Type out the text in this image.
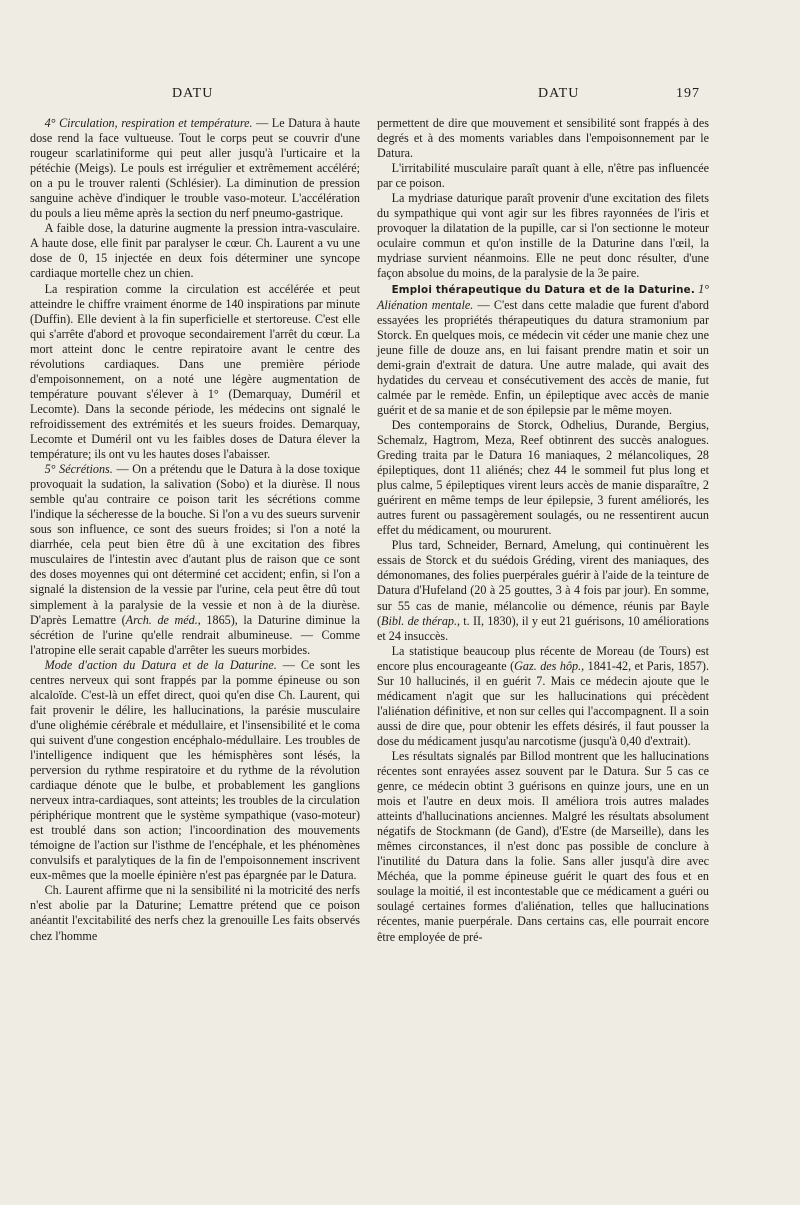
DATU	DATU	197

4° Circulation, respiration et température. — Le Datura à haute dose rend la face vultueuse. Tout le corps peut se couvrir d'une rougeur scarlatiniforme qui peut aller jusqu'à l'urticaire et la pétéchie (Meigs). Le pouls est irrégulier et extrêmement accéléré; on a pu le trouver ralenti (Schlésier). La diminution de pression sanguine achève d'indiquer le trouble vaso-moteur. L'accélération du pouls a lieu même après la section du nerf pneumo-gastrique.

A faible dose, la daturine augmente la pression intra-vasculaire. A haute dose, elle finit par paralyser le cœur. Ch. Laurent a vu une dose de 0, 15 injectée en deux fois déterminer une syncope cardiaque mortelle chez un chien.

La respiration comme la circulation est accélérée et peut atteindre le chiffre vraiment énorme de 140 inspirations par minute (Duffin). Elle devient à la fin superficielle et stertoreuse. C'est elle qui s'arrête d'abord et provoque secondairement l'arrêt du cœur. La mort atteint donc le centre repiratoire avant le centre des révolutions cardiaques. Dans une première période d'empoisonnement, on a noté une légère augmentation de température pouvant s'élever à 1° (Demarquay, Duméril et Lecomte). Dans la seconde période, les médecins ont signalé le refroidissement des extrémités et les sueurs froides. Demarquay, Lecomte et Duméril ont vu les faibles doses de Datura élever la température; ils ont vu les hautes doses l'abaisser.

5° Sécrétions. — On a prétendu que le Datura à la dose toxique provoquait la sudation, la salivation (Sobo) et la diurèse. Il nous semble qu'au contraire ce poison tarit les sécrétions comme l'indique la sécheresse de la bouche. Si l'on a vu des sueurs survenir sous son influence, ce sont des sueurs froides; si l'on a noté la diarrhée, cela peut bien être dû à une excitation des fibres musculaires de l'intestin avec d'autant plus de raison que ce sont des doses moyennes qui ont déterminé cet accident; enfin, si l'on a signalé la distension de la vessie par l'urine, cela peut être dû tout simplement à la paralysie de la vessie et non à de la diurèse. D'après Lemattre (Arch. de méd., 1865), la Daturine diminue la sécrétion de l'urine qu'elle rendrait albumineuse. — Comme l'atropine elle serait capable d'arrêter les sueurs morbides.

Mode d'action du Datura et de la Daturine. — Ce sont les centres nerveux qui sont frappés par la pomme épineuse ou son alcaloïde. C'est-là un effet direct, quoi qu'en dise Ch. Laurent, qui fait provenir le délire, les hallucinations, la parésie musculaire d'une olighémie cérébrale et médullaire, et l'insensibilité et le coma qui suivent d'une congestion encéphalo-médullaire. Les troubles de l'intelligence indiquent que les hémisphères sont lésés, la perversion du rythme respiratoire et du rythme de la révolution cardiaque dénote que le bulbe, et probablement les ganglions nerveux intra-cardiaques, sont atteints; les troubles de la circulation périphérique montrent que le système sympathique (vaso-moteur) est troublé dans son action; l'incoordination des mouvements témoigne de l'action sur l'isthme de l'encéphale, et les phénomènes convulsifs et paralytiques de la fin de l'empoisonnement inscrivent eux-mêmes que la moelle épinière n'est pas épargnée par le Datura.

Ch. Laurent affirme que ni la sensibilité ni la motricité des nerfs n'est abolie par la Daturine; Lemattre prétend que ce poison anéantit l'excitabilité des nerfs chez la grenouille Les faits observés chez l'homme

permettent de dire que mouvement et sensibilité sont frappés à des degrés et à des moments variables dans l'empoisonnement par le Datura.

L'irritabilité musculaire paraît quant à elle, n'être pas influencée par ce poison.

La mydriase daturique paraît provenir d'une excitation des filets du sympathique qui vont agir sur les fibres rayonnées de l'iris et provoquer la dilatation de la pupille, car si l'on sectionne le moteur oculaire commun et qu'on instille de la Daturine dans l'œil, la mydriase survient néanmoins. Elle ne peut donc résulter, d'une façon absolue du moins, de la paralysie de la 3e paire.

Emploi thérapeutique du Datura et de la Daturine. 1° Aliénation mentale. — C'est dans cette maladie que furent d'abord essayées les propriétés thérapeutiques du datura stramonium par Storck. En quelques mois, ce médecin vit céder une manie chez une jeune fille de douze ans, en lui faisant prendre matin et soir un demi-grain d'extrait de datura. Une autre malade, qui avait des hydatides du cerveau et consécutivement des accès de manie, fut calmée par le remède. Enfin, un épileptique avec accès de manie guérit et de sa manie et de son épilepsie par le même moyen.

Des contemporains de Storck, Odhelius, Durande, Bergius, Schemalz, Hagtrom, Meza, Reef obtinrent des succès analogues. Greding traita par le Datura 16 maniaques, 2 mélancoliques, 28 épileptiques, dont 11 aliénés; chez 44 le sommeil fut plus long et plus calme, 5 épileptiques virent leurs accès de manie disparaître, 2 guérirent en même temps de leur épilepsie, 3 furent améliorés, les autres furent ou passagèrement soulagés, ou ne ressentirent aucun effet du médicament, ou moururent.

Plus tard, Schneider, Bernard, Amelung, qui continuèrent les essais de Storck et du suédois Gréding, virent des maniaques, des démonomanes, des folies puerpérales guérir à l'aide de la teinture de Datura d'Hufeland (20 à 25 gouttes, 3 à 4 fois par jour). En somme, sur 55 cas de manie, mélancolie ou démence, réunis par Bayle (Bibl. de thérap., t. II, 1830), il y eut 21 guérisons, 10 améliorations et 24 insuccès.

La statistique beaucoup plus récente de Moreau (de Tours) est encore plus encourageante (Gaz. des hôp., 1841-42, et Paris, 1857). Sur 10 hallucinés, il en guérit 7. Mais ce médecin ajoute que le médicament n'agit que sur les hallucinations qui précèdent l'aliénation définitive, et non sur celles qui l'accompagnent. Il a soin aussi de dire que, pour obtenir les effets désirés, il faut pousser la dose du médicament jusqu'au narcotisme (jusqu'à 0,40 d'extrait).

Les résultats signalés par Billod montrent que les hallucinations récentes sont enrayées assez souvent par le Datura. Sur 5 cas ce genre, ce médecin obtint 3 guérisons en quinze jours, une en un mois et l'autre en deux mois. Il améliora trois autres malades atteints d'hallucinations anciennes. Malgré les résultats absolument négatifs de Stockmann (de Gand), d'Estre (de Marseille), dans les mêmes circonstances, il n'est donc pas possible de conclure à l'inutilité du Datura dans la folie. Sans aller jusqu'à dire avec Méchéa, que la pomme épineuse guérit le quart des fous et en soulage la moitié, il est incontestable que ce médicament a guéri ou soulagé certaines formes d'aliénation, telles que hallucinations récentes, manie puerpérale. Dans certains cas, elle pourrait encore être employée de pré-
